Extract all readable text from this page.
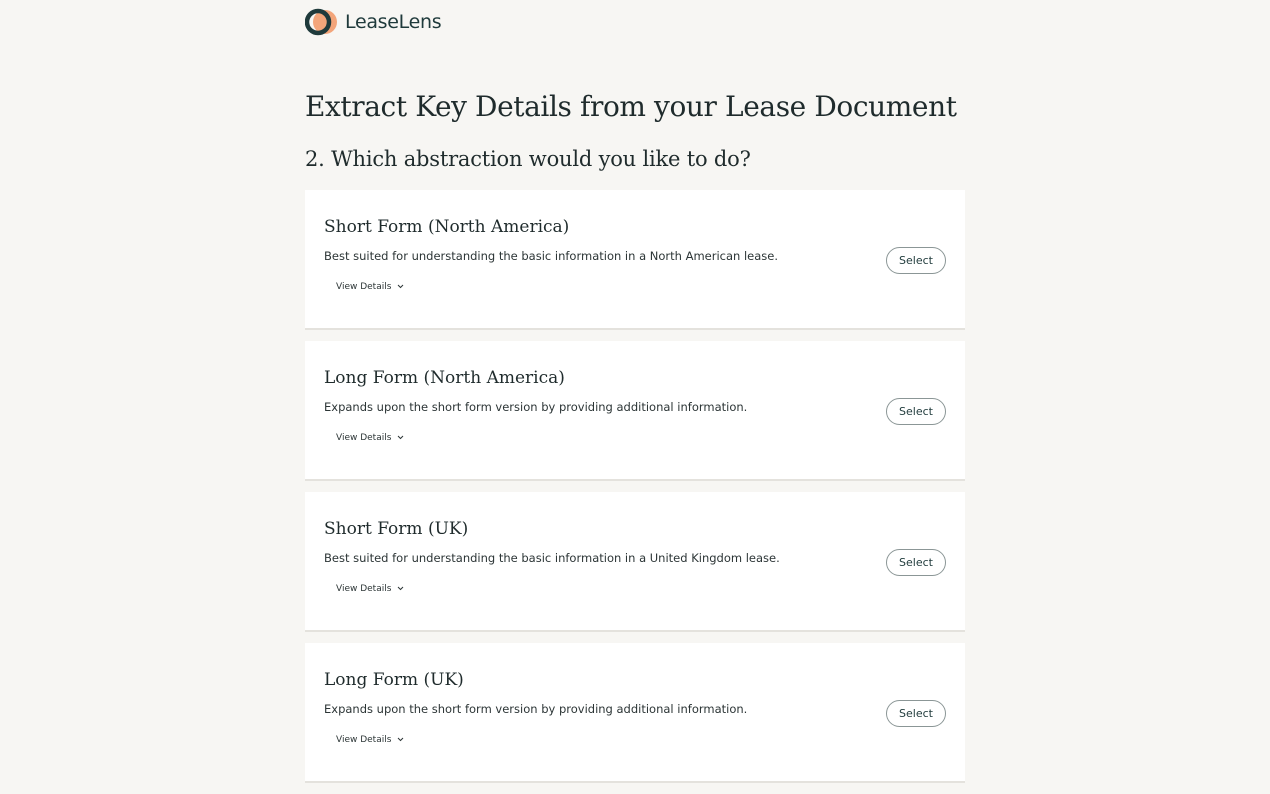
LeaseLens
Extract Key Details from your Lease Document
2. Which abstraction would you like to do?
Short Form (North America)

Best suited for understanding the basic information in a North American lease.

View Details
Select
Long Form (North America)

Expands upon the short form version by providing additional information.

View Details
Select
Short Form (UK)

Best suited for understanding the basic information in a United Kingdom lease.

View Details
Select
Long Form (UK)

Expands upon the short form version by providing additional information.

View Details
Select
